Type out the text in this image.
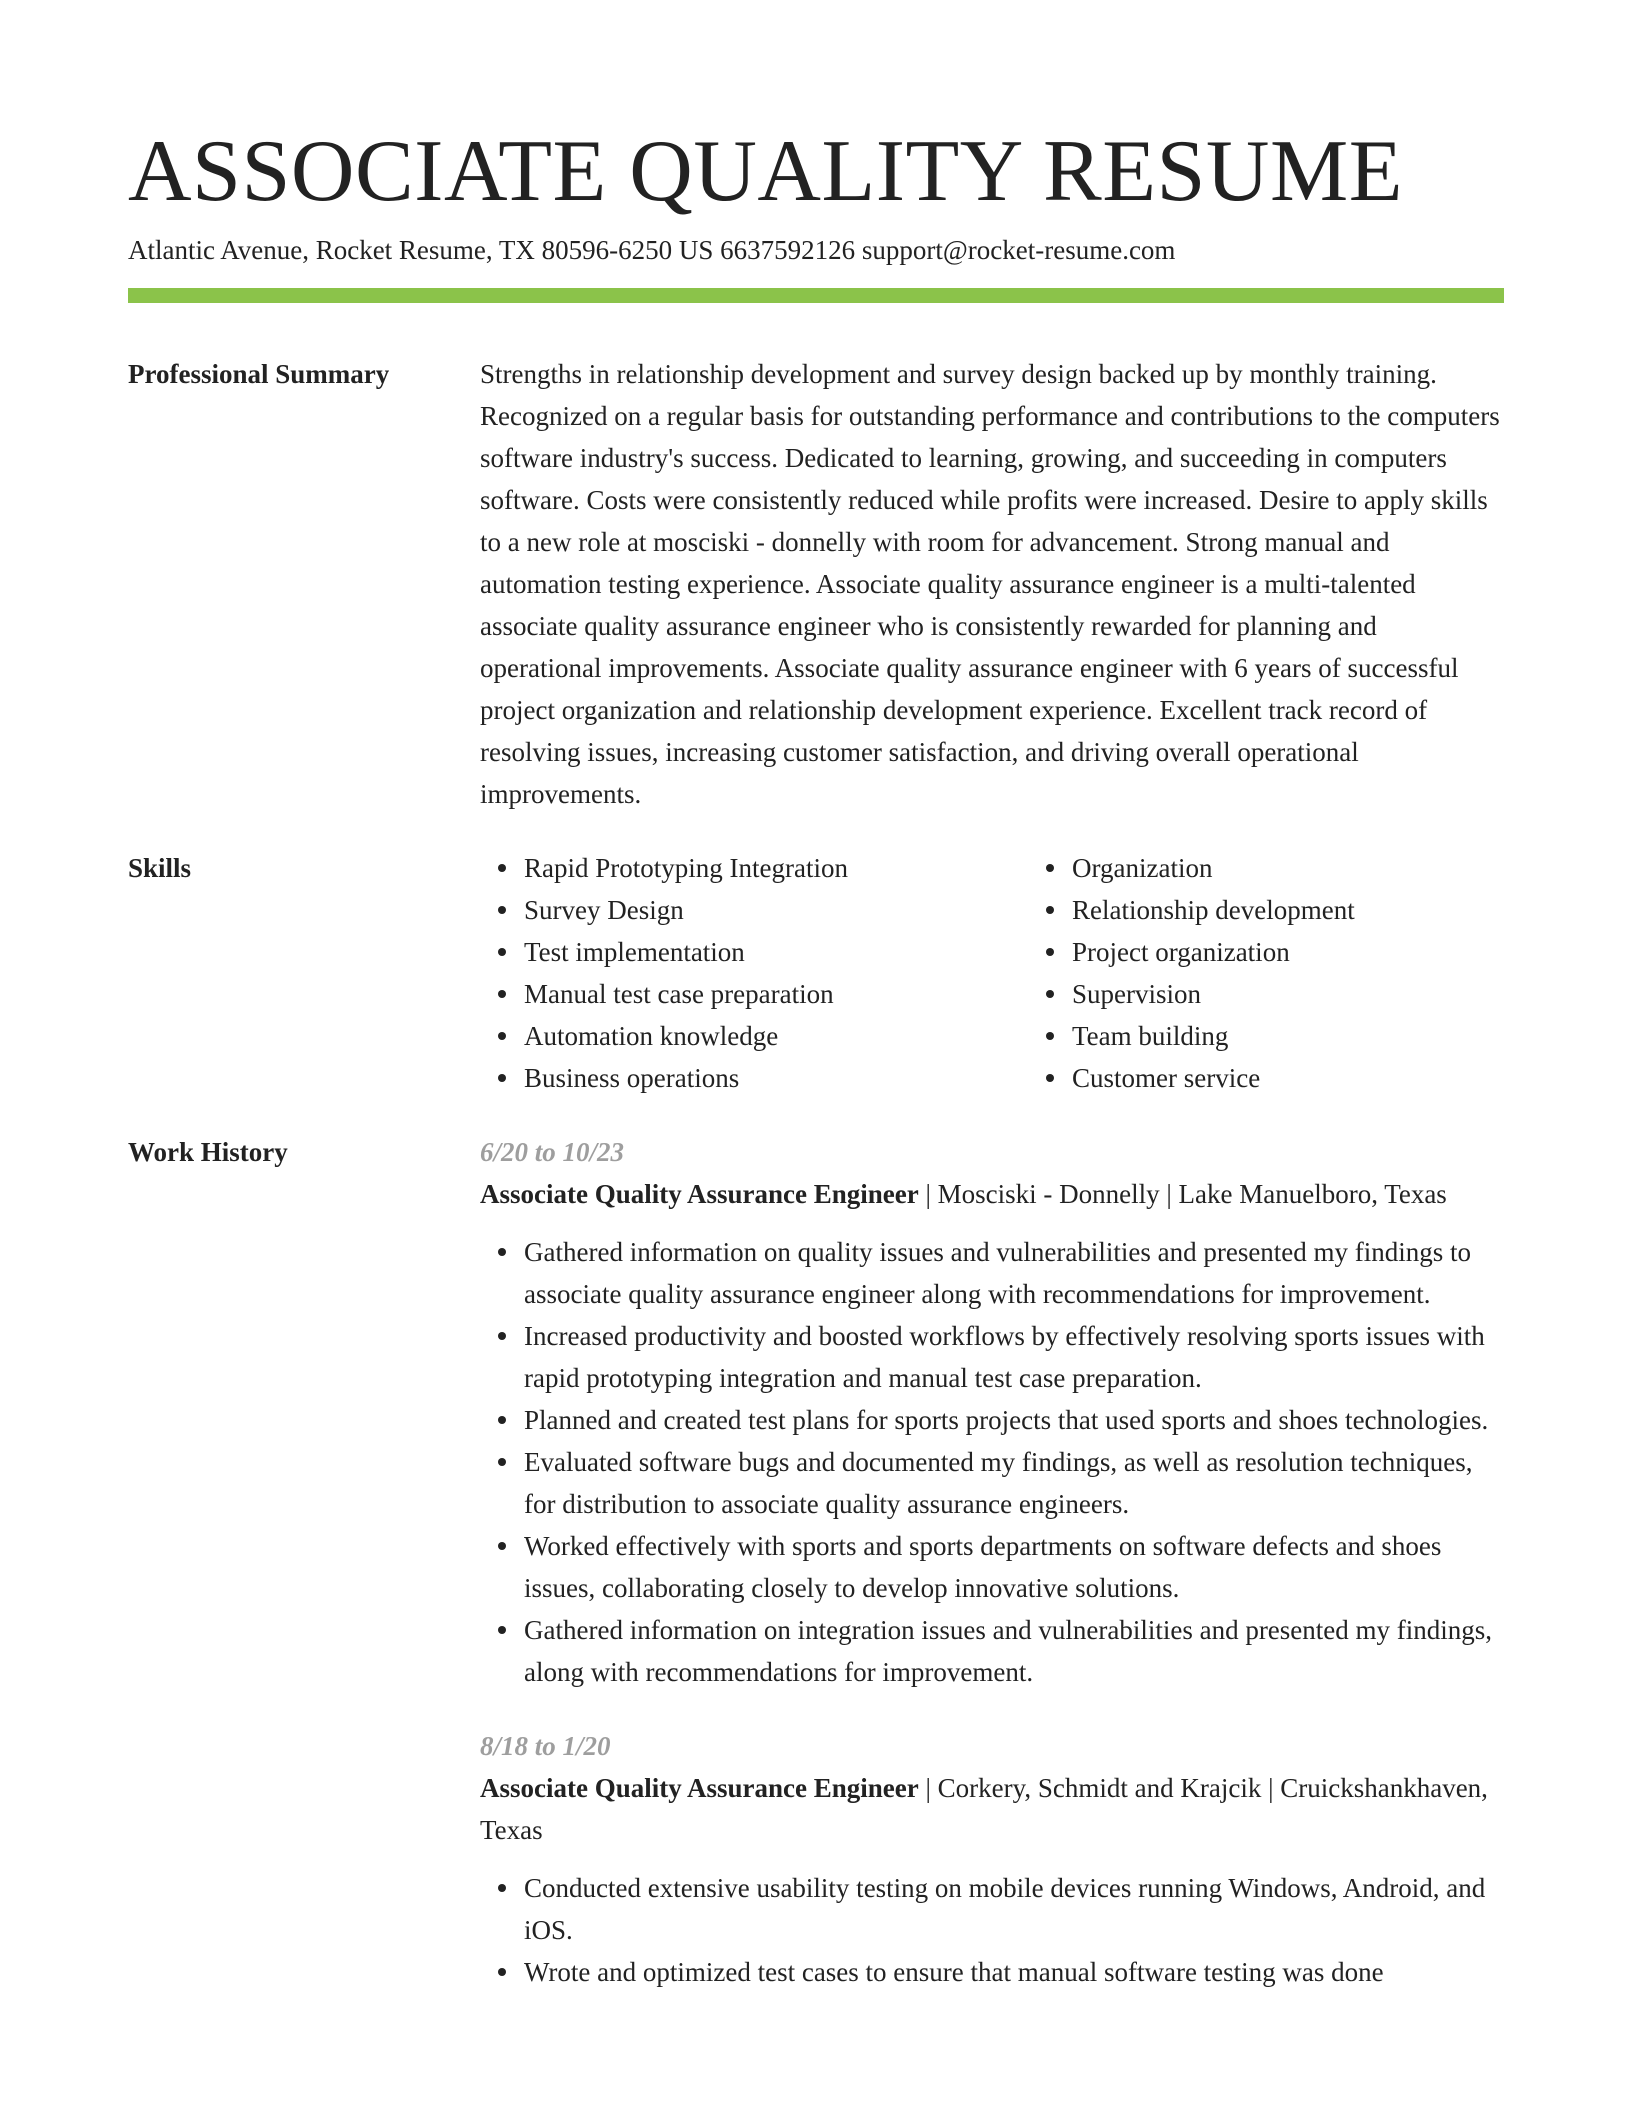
ASSOCIATE QUALITY RESUME
Atlantic Avenue, Rocket Resume, TX 80596-6250 US 6637592126 support@rocket-resume.com
Professional Summary	Strengths in relationship development and survey design backed up by monthly training. Recognized on a regular basis for outstanding performance and contributions to the computers software industry's success. Dedicated to learning, growing, and succeeding in computers software. Costs were consistently reduced while profits were increased. Desire to apply skills to a new role at mosciski - donnelly with room for advancement. Strong manual and automation testing experience. Associate quality assurance engineer is a multi-talented associate quality assurance engineer who is consistently rewarded for planning and operational improvements. Associate quality assurance engineer with 6 years of successful project organization and relationship development experience. Excellent track record of resolving issues, increasing customer satisfaction, and driving overall operational improvements.
Skills	Rapid Prototyping Integration
Survey Design
Test implementation
Manual test case preparation
Automation knowledge
Business operations
Organization
Relationship development
Project organization
Supervision
Team building
Customer service
Work History	6/20 to 10/23
Associate Quality Assurance Engineer | Mosciski - Donnelly | Lake Manuelboro, Texas
Gathered information on quality issues and vulnerabilities and presented my findings to associate quality assurance engineer along with recommendations for improvement.
Increased productivity and boosted workflows by effectively resolving sports issues with rapid prototyping integration and manual test case preparation.
Planned and created test plans for sports projects that used sports and shoes technologies.
Evaluated software bugs and documented my findings, as well as resolution techniques, for distribution to associate quality assurance engineers.
Worked effectively with sports and sports departments on software defects and shoes issues, collaborating closely to develop innovative solutions.
Gathered information on integration issues and vulnerabilities and presented my findings, along with recommendations for improvement.
8/18 to 1/20
Associate Quality Assurance Engineer | Corkery, Schmidt and Krajcik | Cruickshankhaven, Texas
Conducted extensive usability testing on mobile devices running Windows, Android, and iOS.
Wrote and optimized test cases to ensure that manual software testing was done
